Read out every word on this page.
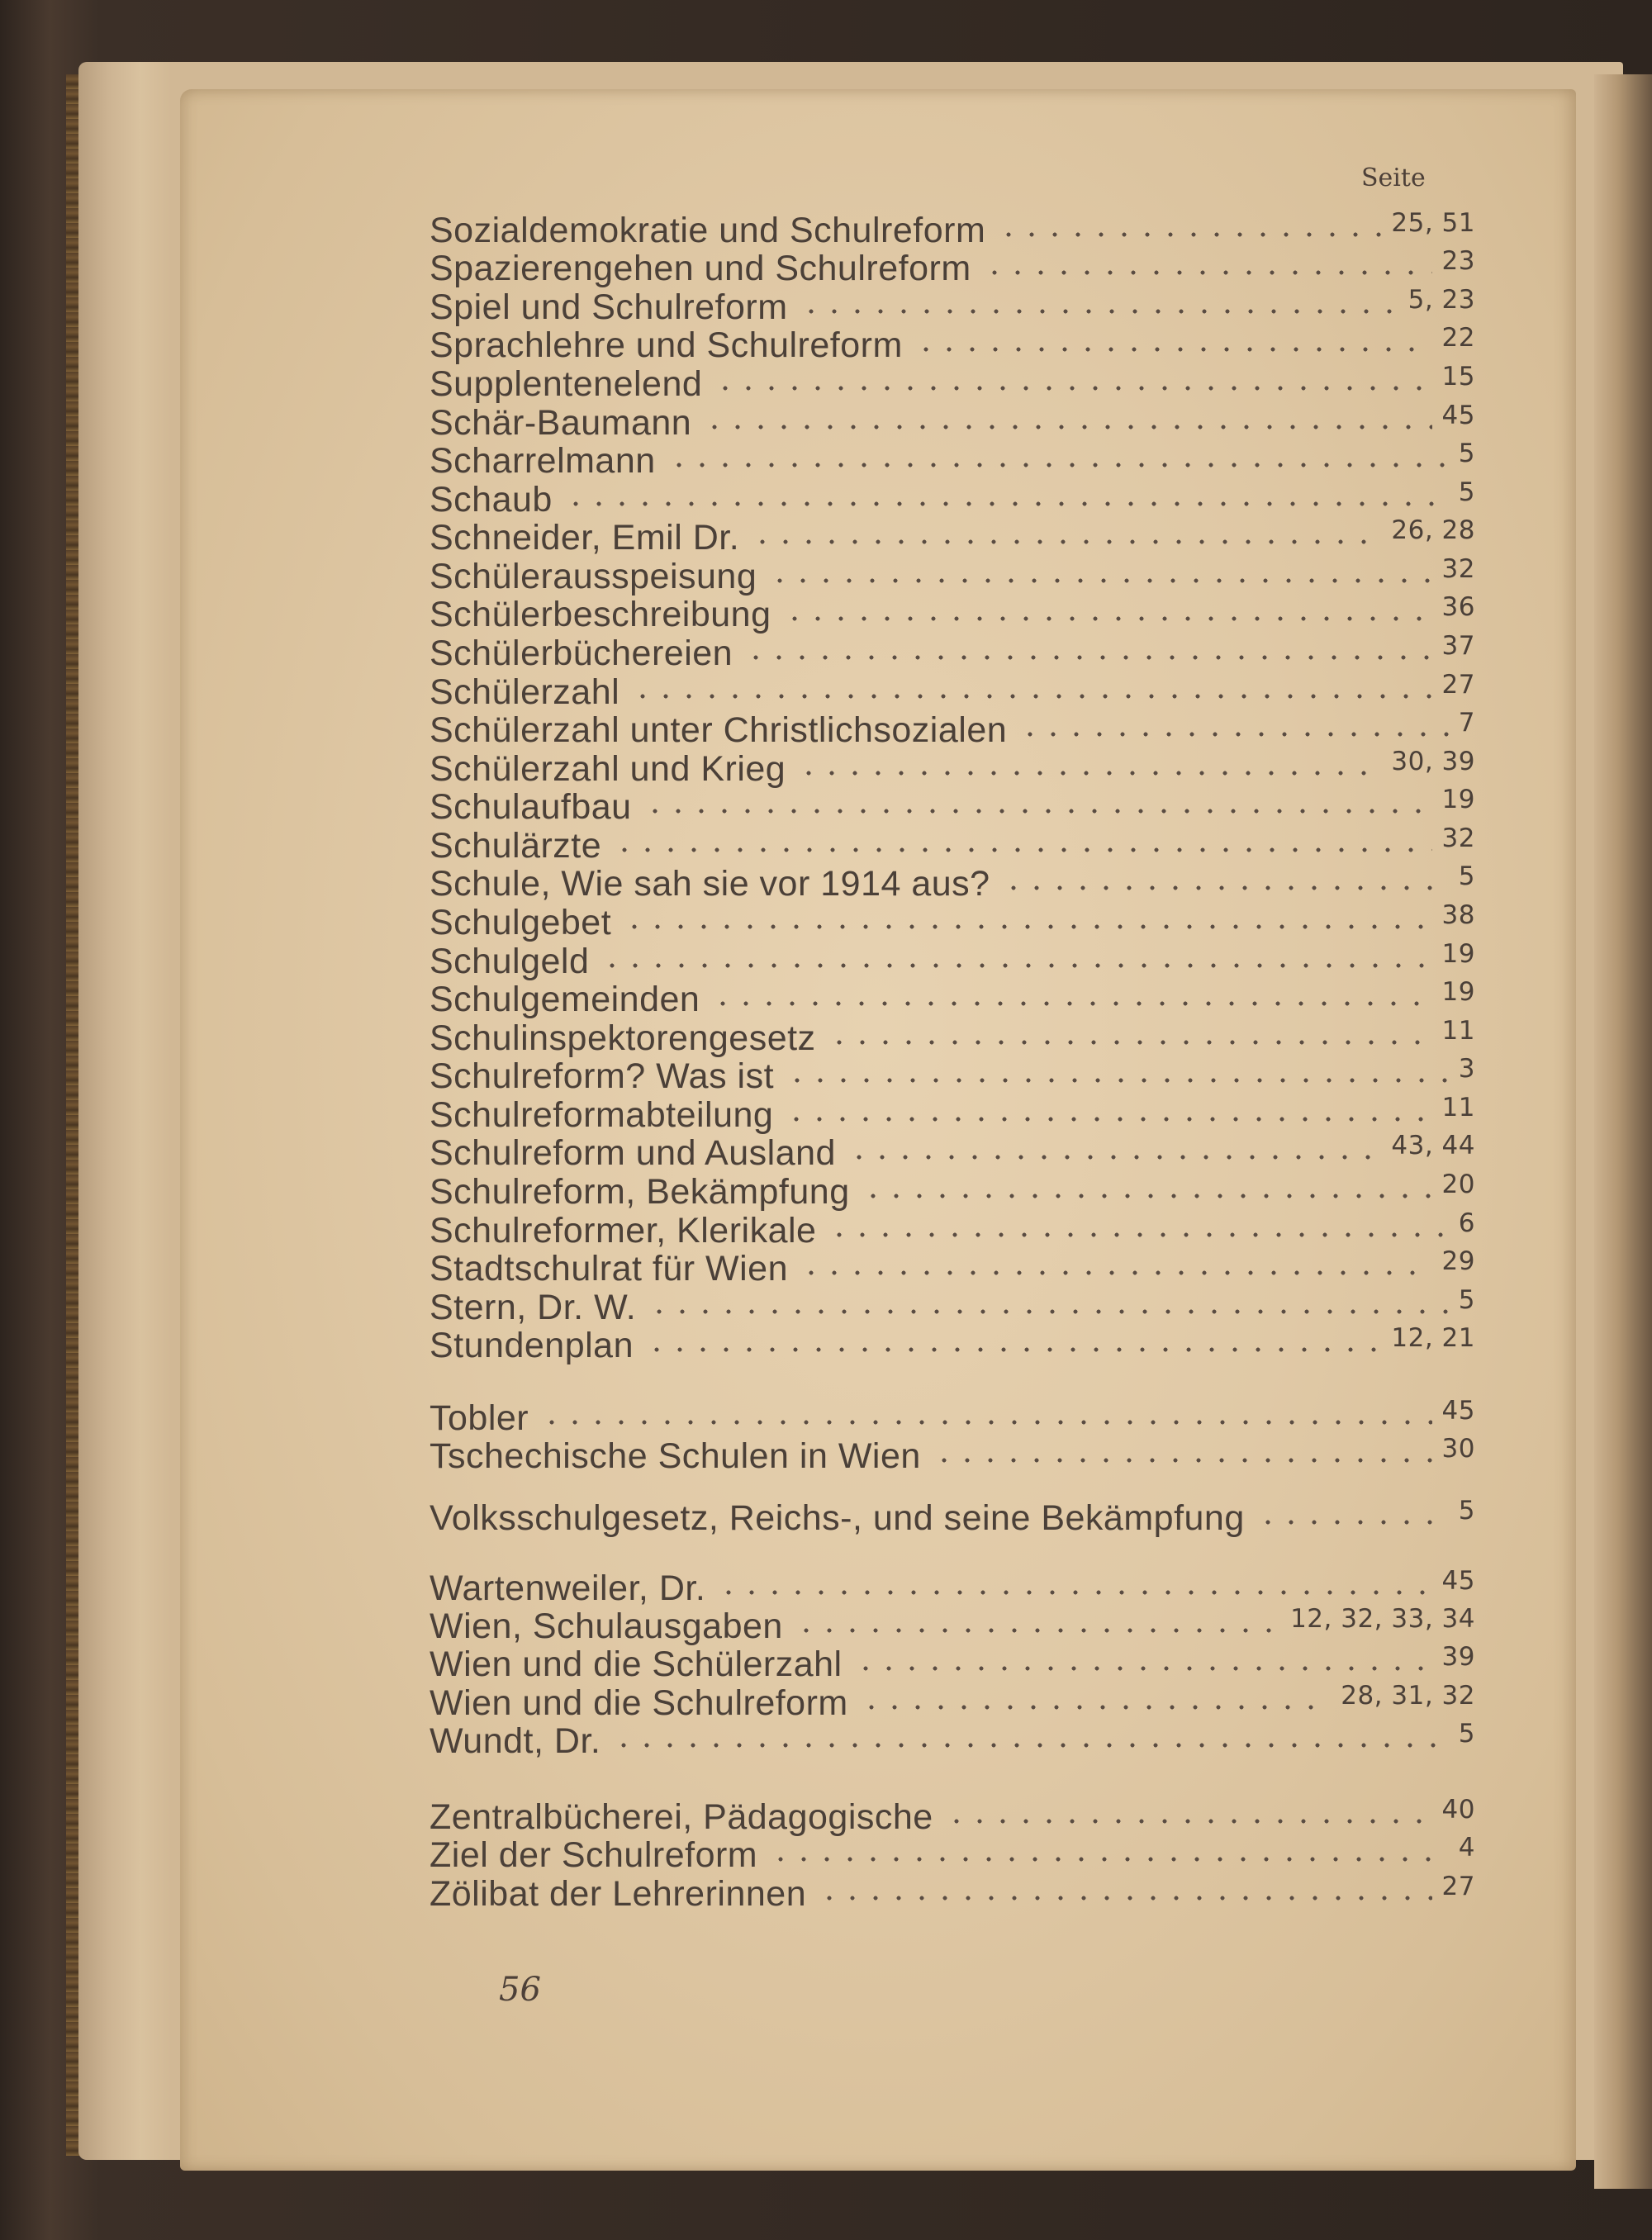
Seite
Sozialdemokratie und Schulreform	25, 51
Spazierengehen und Schulreform	23
Spiel und Schulreform	5, 23
Sprachlehre und Schulreform	22
Supplentenelend	15
Schär-Baumann	45
Scharrelmann	5
Schaub	5
Schneider, Emil Dr.	26, 28
Schülerausspeisung	32
Schülerbeschreibung	36
Schülerbüchereien	37
Schülerzahl	27
Schülerzahl unter Christlichsozialen	7
Schülerzahl und Krieg	30, 39
Schulaufbau	19
Schulärzte	32
Schule, Wie sah sie vor 1914 aus?	5
Schulgebet	38
Schulgeld	19
Schulgemeinden	19
Schulinspektorengesetz	11
Schulreform? Was ist	3
Schulreformabteilung	11
Schulreform und Ausland	43, 44
Schulreform, Bekämpfung	20
Schulreformer, Klerikale	6
Stadtschulrat für Wien	29
Stern, Dr. W.	5
Stundenplan	12, 21
Tobler	45
Tschechische Schulen in Wien	30
Volksschulgesetz, Reichs-, und seine Bekämpfung	5
Wartenweiler, Dr.	45
Wien, Schulausgaben	12, 32, 33, 34
Wien und die Schülerzahl	39
Wien und die Schulreform	28, 31, 32
Wundt, Dr.	5
Zentralbücherei, Pädagogische	40
Ziel der Schulreform	4
Zölibat der Lehrerinnen	27
56
